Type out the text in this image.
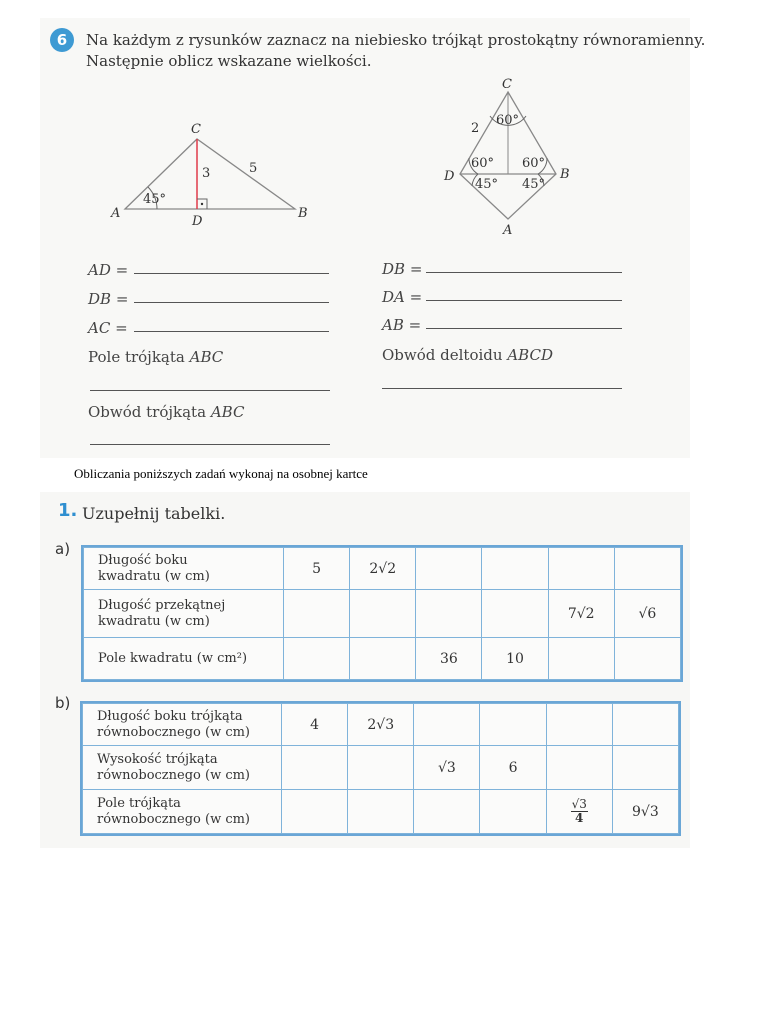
6	Na każdym z rysunków zaznacz na niebiesko trójkąt prostokątny równoramienny.
Następnie oblicz wskazane wielkości.
A	B
C
D
45°
3	5
C
B
D
A
2
60°
60° 60°
45° 45°
AD =
DB =
AC =
Pole trójkąta ABC
Obwód trójkąta ABC
DB =
DA =
AB =
Obwód deltoidu ABCD
Obliczania poniższych zadań wykonaj na osobnej kartce
1. Uzupełnij tabelki.
a)
b)
Długość boku
kwadratu (w cm)	5	2√2				
Długość przekątnej
kwadratu (w cm)					7√2	√6
Pole kwadratu (w cm²)			36	10		
Długość boku trójkąta
równobocznego (w cm)	4	2√3				
Wysokość trójkąta
równobocznego (w cm)			√3	6		
Pole trójkąta
równobocznego (w cm)					$\frac{√3}{4}$	9√3
